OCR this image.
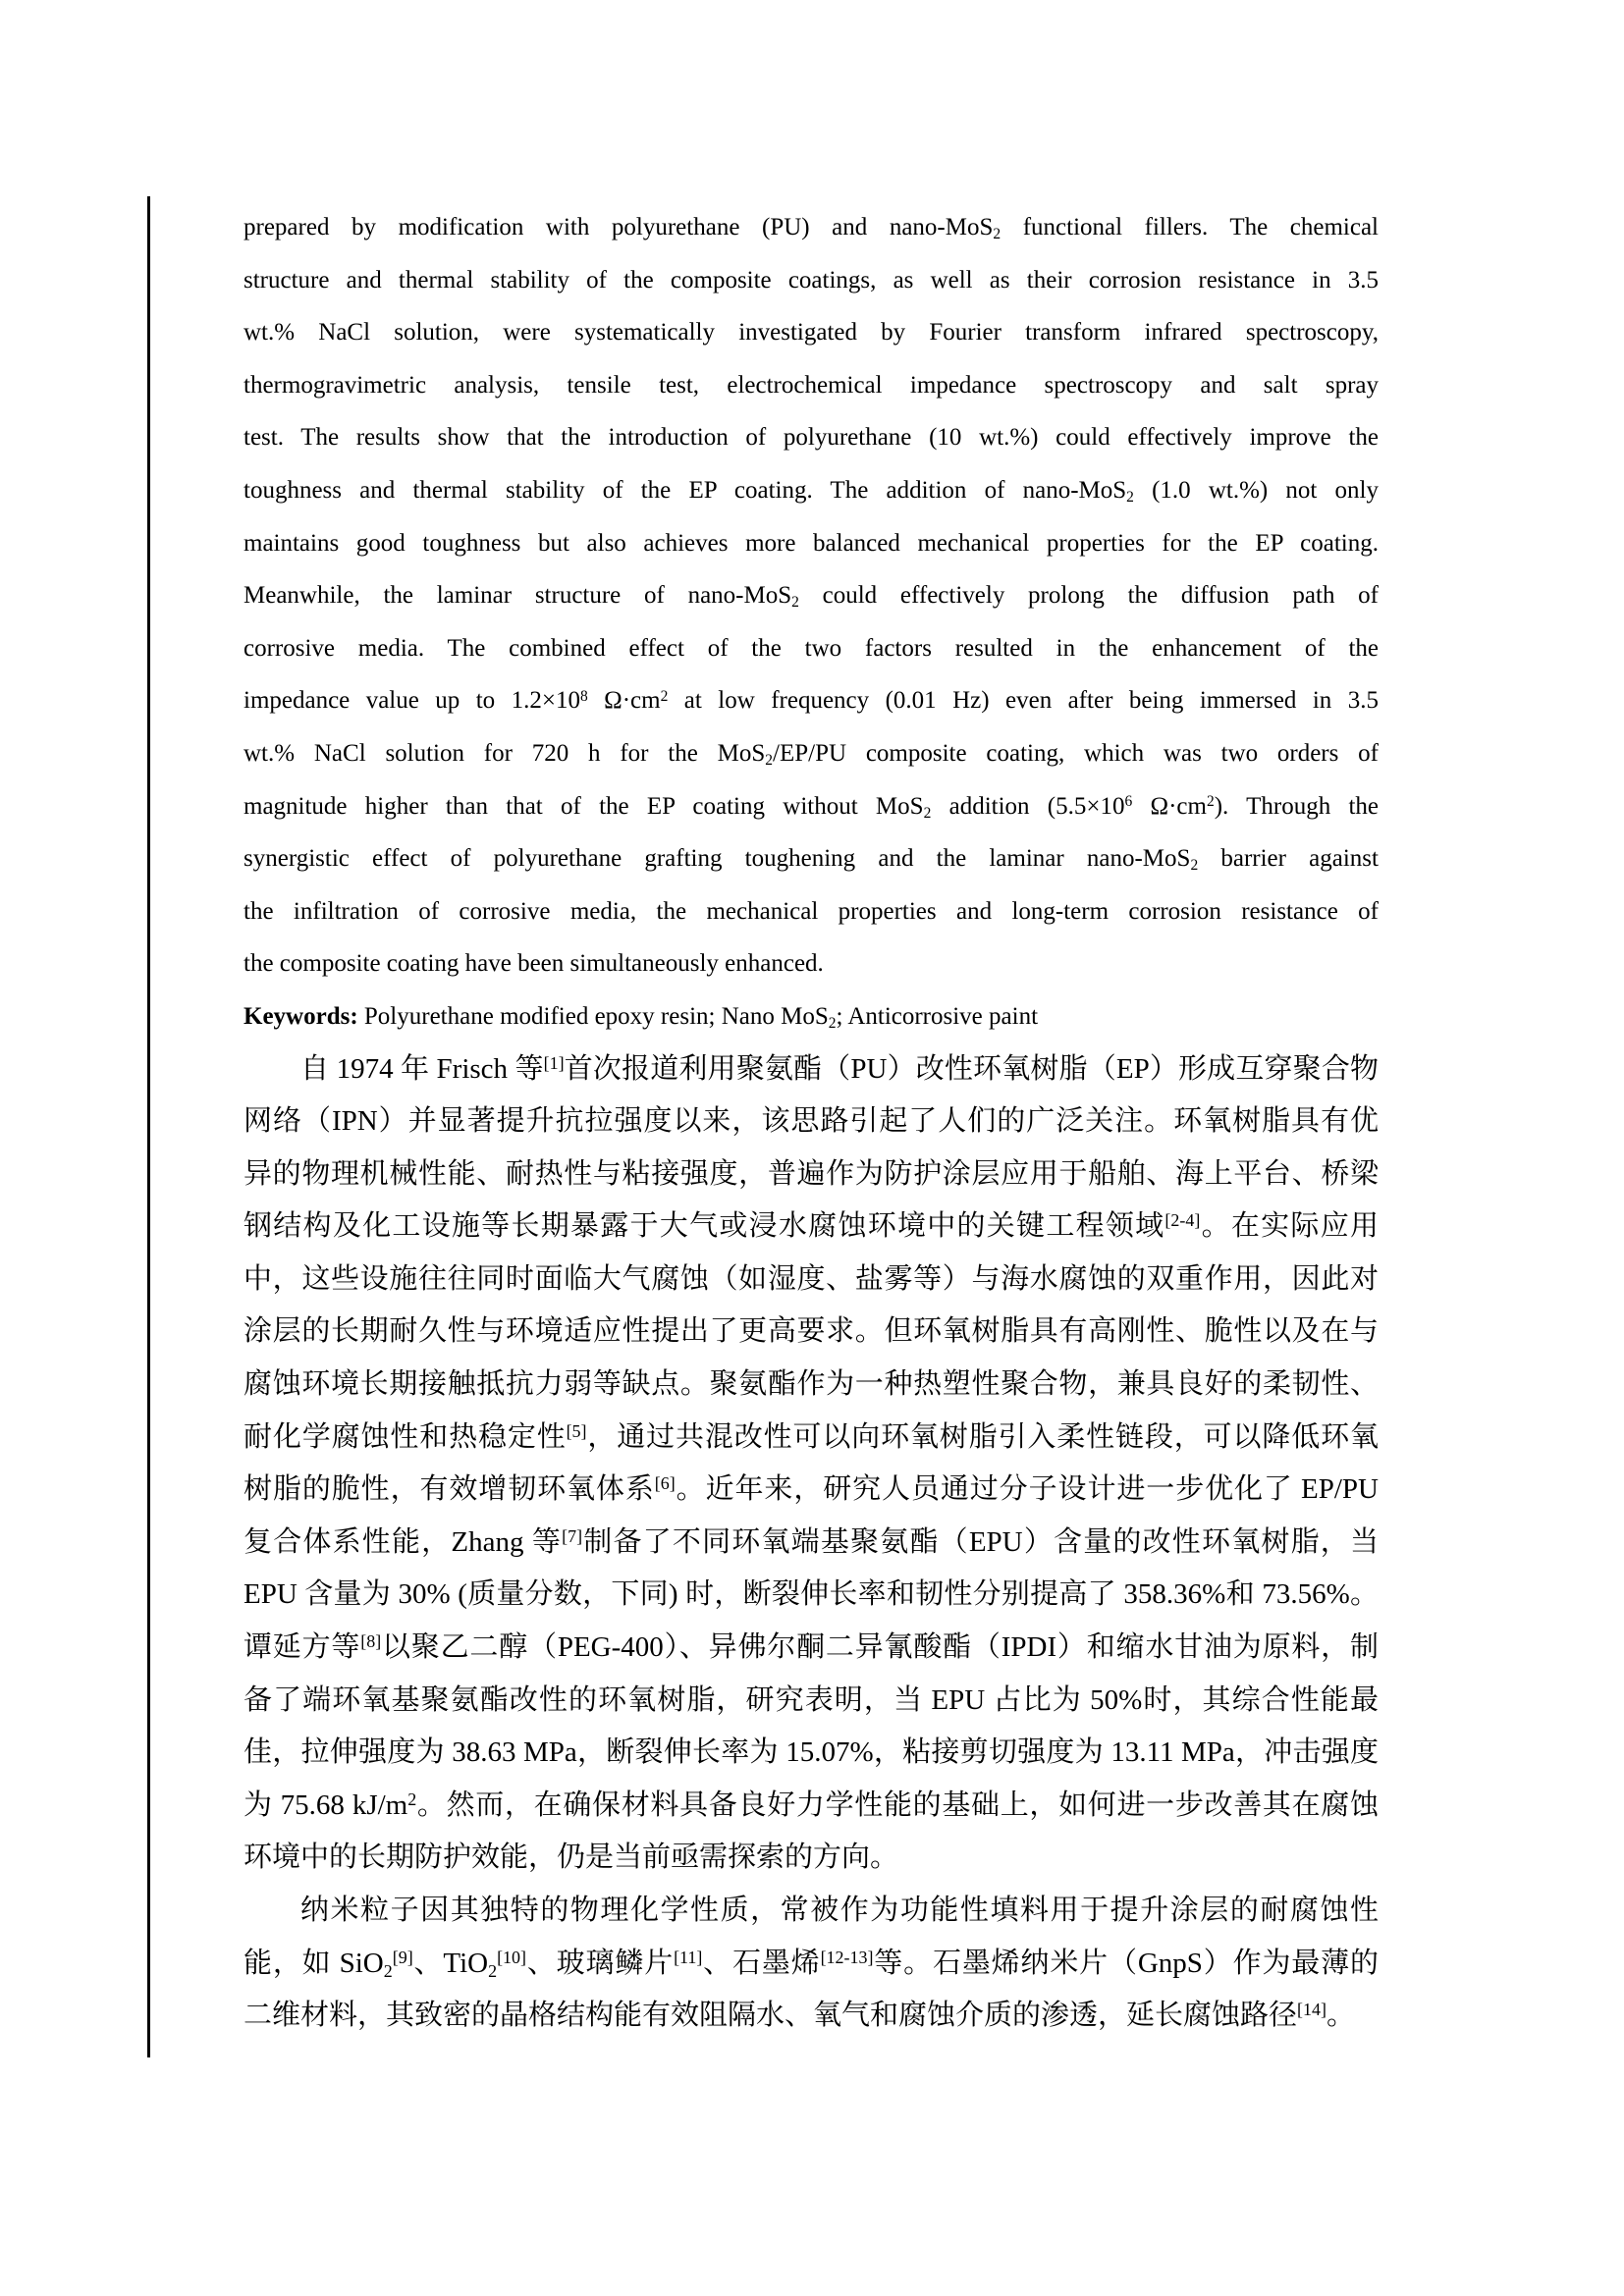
prepared by modification with polyurethane (PU) and nano-MoS2 functional fillers. The chemical
structure and thermal stability of the composite coatings, as well as their corrosion resistance in 3.5
wt.% NaCl solution, were systematically investigated by Fourier transform infrared spectroscopy,
thermogravimetric analysis, tensile test, electrochemical impedance spectroscopy and salt spray
test. The results show that the introduction of polyurethane (10 wt.%) could effectively improve the
toughness and thermal stability of the EP coating. The addition of nano-MoS2 (1.0 wt.%) not only
maintains good toughness but also achieves more balanced mechanical properties for the EP coating.
Meanwhile, the laminar structure of nano-MoS2 could effectively prolong the diffusion path of
corrosive media. The combined effect of the two factors resulted in the enhancement of the
impedance value up to $1.2\times 10^8$ $\Omega\cdot cm^2$ at low frequency (0.01 Hz) even after being immersed in 3.5
wt.% NaCl solution for 720 h for the MoS2/EP/PU composite coating, which was two orders of
magnitude higher than that of the EP coating without MoS2 addition ($5.5\times 10^6$ $\Omega\cdot cm^2$). Through the
synergistic effect of polyurethane grafting toughening and the laminar nano-MoS2 barrier against
the infiltration of corrosive media, the mechanical properties and long-term corrosion resistance of
the composite coating have been simultaneously enhanced.
Keywords: Polyurethane modified epoxy resin; Nano MoS2; Anticorrosive paint
自 1974 年 Frisch 等[1]首次报道利用聚氨酯（PU）改性环氧树脂（EP）形成互穿聚合物
网络（IPN）并显著提升抗拉强度以来，该思路引起了人们的广泛关注。环氧树脂具有优
异的物理机械性能、耐热性与粘接强度，普遍作为防护涂层应用于船舶、海上平台、桥梁
钢结构及化工设施等长期暴露于大气或浸水腐蚀环境中的关键工程领域[2-4]。在实际应用
中，这些设施往往同时面临大气腐蚀（如湿度、盐雾等）与海水腐蚀的双重作用，因此对
涂层的长期耐久性与环境适应性提出了更高要求。但环氧树脂具有高刚性、脆性以及在与
腐蚀环境长期接触抵抗力弱等缺点。聚氨酯作为一种热塑性聚合物，兼具良好的柔韧性、
耐化学腐蚀性和热稳定性[5]，通过共混改性可以向环氧树脂引入柔性链段，可以降低环氧
树脂的脆性，有效增韧环氧体系[6]。近年来，研究人员通过分子设计进一步优化了 EP/PU
复合体系性能，Zhang 等[7]制备了不同环氧端基聚氨酯（EPU）含量的改性环氧树脂，当
EPU 含量为 30% (质量分数，下同) 时，断裂伸长率和韧性分别提高了 358.36%和 73.56%。
谭延方等[8]以聚乙二醇（PEG-400）、异佛尔酮二异氰酸酯（IPDI）和缩水甘油为原料，制
备了端环氧基聚氨酯改性的环氧树脂，研究表明，当 EPU 占比为 50%时，其综合性能最
佳，拉伸强度为 38.63 MPa，断裂伸长率为 15.07%，粘接剪切强度为 13.11 MPa，冲击强度
为 75.68 $kJ/m^2$。然而，在确保材料具备良好力学性能的基础上，如何进一步改善其在腐蚀
环境中的长期防护效能，仍是当前亟需探索的方向。
纳米粒子因其独特的物理化学性质，常被作为功能性填料用于提升涂层的耐腐蚀性
能，如 SiO2[9]、TiO2[10]、玻璃鳞片[11]、石墨烯[12-13]等。石墨烯纳米片（GnpS）作为最薄的
二维材料，其致密的晶格结构能有效阻隔水、氧气和腐蚀介质的渗透，延长腐蚀路径[14]。
